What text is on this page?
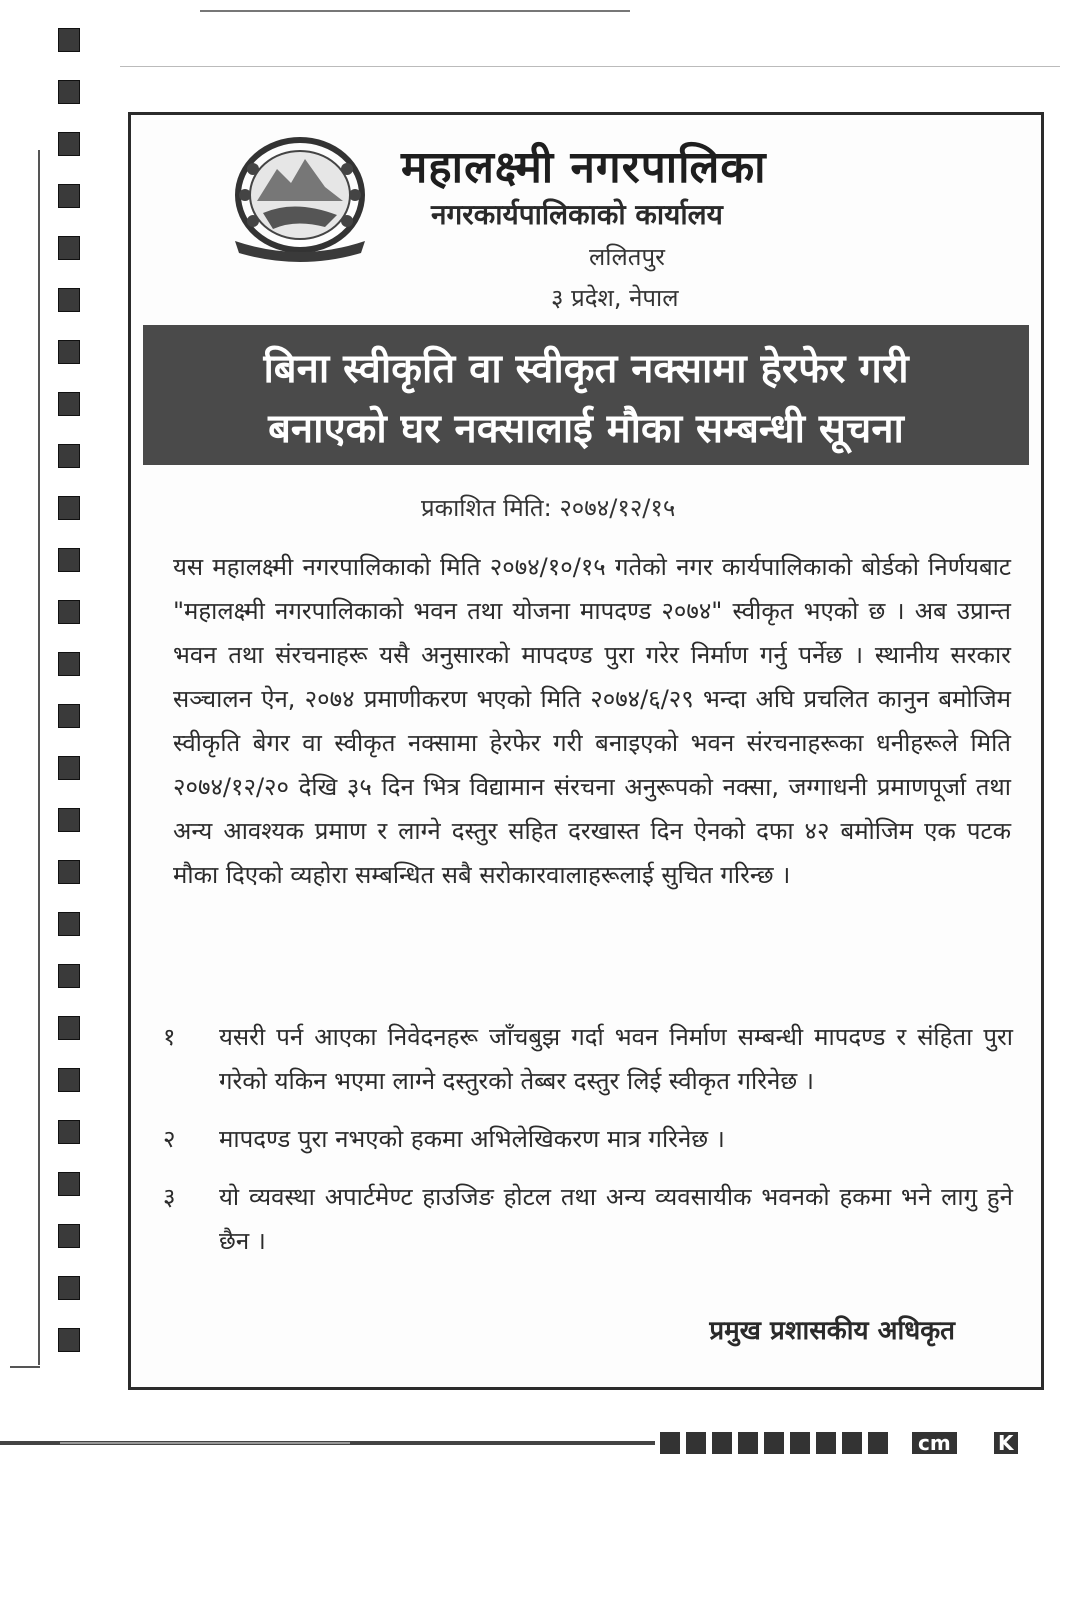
महालक्ष्मी नगरपालिका
नगरकार्यपालिकाको कार्यालय
ललितपुर
३ प्रदेश, नेपाल
बिना स्वीकृति वा स्वीकृत नक्सामा हेरफेर गरी
बनाएको घर नक्सालाई मौका सम्बन्धी सूचना
प्रकाशित मिति: २०७४/१२/१५
यस महालक्ष्मी नगरपालिकाको मिति २०७४/१०/१५ गतेको नगर कार्यपालिकाको बोर्डको निर्णयबाट "महालक्ष्मी नगरपालिकाको भवन तथा योजना मापदण्ड २०७४" स्वीकृत भएको छ । अब उप्रान्त भवन तथा संरचनाहरू यसै अनुसारको मापदण्ड पुरा गरेर निर्माण गर्नु पर्नेछ । स्थानीय सरकार सञ्चालन ऐन, २०७४ प्रमाणीकरण भएको मिति २०७४/६/२९ भन्दा अघि प्रचलित कानुन बमोजिम स्वीकृति बेगर वा स्वीकृत नक्सामा हेरफेर गरी बनाइएको भवन संरचनाहरूका धनीहरूले मिति २०७४/१२/२० देखि ३५ दिन भित्र विद्यामान संरचना अनुरूपको नक्सा, जग्गाधनी प्रमाणपूर्जा तथा अन्य आवश्यक प्रमाण र लाग्ने दस्तुर सहित दरखास्त दिन ऐनको दफा ४२ बमोजिम एक पटक मौका दिएको व्यहोरा सम्बन्धित सबै सरोकारवालाहरूलाई सुचित गरिन्छ ।
१ यसरी पर्न आएका निवेदनहरू जाँचबुझ गर्दा भवन निर्माण सम्बन्धी मापदण्ड र संहिता पुरा गरेको यकिन भएमा लाग्ने दस्तुरको तेब्बर दस्तुर लिई स्वीकृत गरिनेछ ।
२ मापदण्ड पुरा नभएको हकमा अभिलेखिकरण मात्र गरिनेछ ।
३ यो व्यवस्था अपार्टमेण्ट हाउजिङ होटल तथा अन्य व्यवसायीक भवनको हकमा भने लागु हुने छैन ।
प्रमुख प्रशासकीय अधिकृत
cm	K
